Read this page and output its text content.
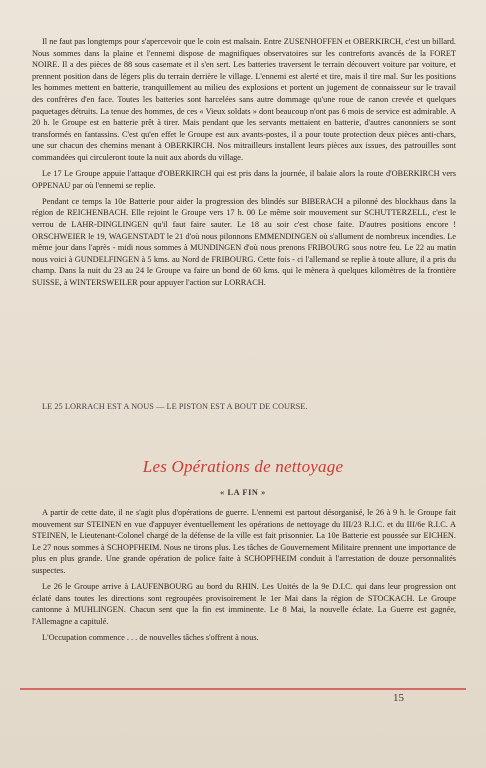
Il ne faut pas longtemps pour s'apercevoir que le coin est malsain. Entre ZUSENHOFFEN et OBERKIRCH, c'est un billard. Nous sommes dans la plaine et l'ennemi dispose de magnifiques observatoires sur les contreforts avancés de la FORET NOIRE. Il a des pièces de 88 sous casemate et il s'en sert. Les batteries traversent le terrain découvert voiture par voiture, et prennent position dans de légers plis du terrain derrière le village. L'ennemi est alerté et tire, mais il tire mal. Sur les positions les hommes mettent en batterie, tranquillement au milieu des explosions et portent un jugement de connaisseur sur le travail des confrères d'en face. Toutes les batteries sont harcelées sans autre dommage qu'une roue de canon crevée et quelques paquetages détruits. La tenue des hommes, de ces « Vieux soldats » dont beaucoup n'ont pas 6 mois de service est admirable. A 20 h. le Groupe est en batterie prêt à tirer. Mais pendant que les servants mettaient en batterie, d'autres canonniers se sont transformés en fantassins. C'est qu'en effet le Groupe est aux avants-postes, il a pour toute protection deux pièces anti-chars, une sur chacun des chemins menant à OBERKIRCH. Nos mitrailleurs installent leurs pièces aux issues, des patrouilles sont commandées qui circuleront toute la nuit aux abords du village.

Le 17 Le Groupe appuie l'attaque d'OBERKIRCH qui est pris dans la journée, il balaie alors la route d'OBERKIRCH vers OPPENAU par où l'ennemi se replie.

Pendant ce temps la 10e Batterie pour aider la progression des blindés sur BIBERACH a pilonné des blockhaus dans la région de REICHENBACH. Elle rejoint le Groupe vers 17 h. 00 Le même soir mouvement sur SCHUTTERZELL, c'est le verrou de LAHR-DINGLINGEN qu'il faut faire sauter. Le 18 au soir c'est chose faite. D'autres positions encore ! ORSCHWEIER le 19, WAGENSTADT le 21 d'où nous pilonnons EMMENDINGEN où s'allument de nombreux incendies. Le même jour dans l'après - midi nous sommes à MUNDINGEN d'où nous prenons FRIBOURG sous notre feu. Le 22 au matin nous voici à GUNDELFINGEN à 5 kms. au Nord de FRIBOURG. Cette fois - ci l'allemand se replie à toute allure, il a pris du champ. Dans la nuit du 23 au 24 le Groupe va faire un bond de 60 kms. qui le mènera à quelques kilomètres de la frontière SUISSE, à WINTERSWEILER pour appuyer l'action sur LORRACH.

LE 25 LORRACH EST A NOUS — LE PISTON EST A BOUT DE COURSE.
Les Opérations de nettoyage
« LA FIN »

A partir de cette date, il ne s'agit plus d'opérations de guerre. L'ennemi est partout désorganisé, le 26 à 9 h. le Groupe fait mouvement sur STEINEN en vue d'appuyer éventuellement les opérations de nettoyage du III/23 R.I.C. et du III/6e R.I.C. A STEINEN, le Lieutenant-Colonel chargé de la défense de la ville est fait prisonnier. La 10e Batterie est poussée sur EICHEN. Le 27 nous sommes à SCHOPFHEIM. Nous ne tirons plus. Les tâches de Gouvernement Militaire prennent une importance de plus en plus grande. Une grande opération de police faite à SCHOPFHEIM conduit à l'arrestation de douze personnalités suspectes.

Le 26 le Groupe arrive à LAUFENBOURG au bord du RHIN. Les Unités de la 9e D.I.C. qui dans leur progression ont éclaté dans toutes les directions sont regroupées provisoirement le 1er Mai dans la région de STOCKACH. Le Groupe cantonne à MUHLINGEN. Chacun sent que la fin est imminente. Le 8 Mai, la nouvelle éclate. La Guerre est gagnée, l'Allemagne a capitulé.

L'Occupation commence . . . de nouvelles tâches s'offrent à nous.

15
